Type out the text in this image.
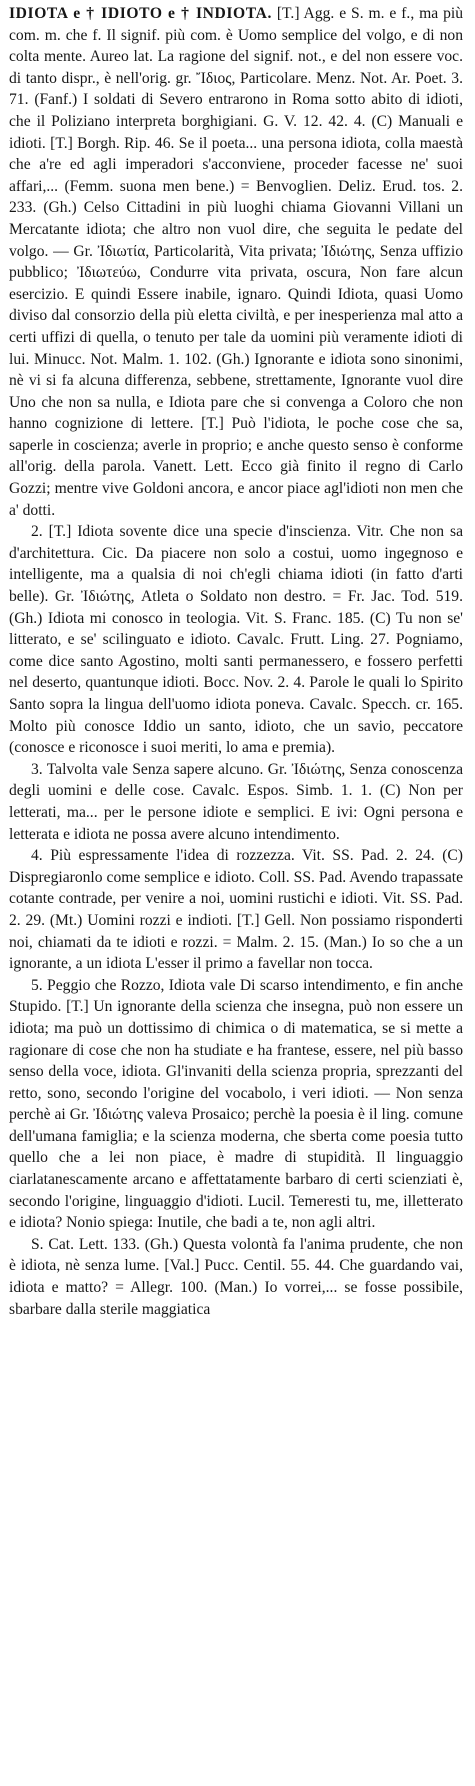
IDIOTA e † IDIOTO e † INDIOTA. [T.] Agg. e S. m. e f., ma più com. m. che f. Il signif. più com. è Uomo semplice del volgo, e di non colta mente. Aureo lat. La ragione del signif. not., e del non essere voc. di tanto dispr., è nell'orig. gr. Ἴδιος, Particolare. Menz. Not. Ar. Poet. 3. 71. (Fanf.) I soldati di Severo entrarono in Roma sotto abito di idioti, che il Poliziano interpreta borghigiani. G. V. 12. 42. 4. (C) Manuali e idioti. [T.] Borgh. Rip. 46. Se il poeta... una persona idiota, colla maestà che a're ed agli imperadori s'acconviene, proceder facesse ne' suoi affari,... (Femm. suona men bene.) = Benvoglien. Deliz. Erud. tos. 2. 233. (Gh.) Celso Cittadini in più luoghi chiama Giovanni Villani un Mercatante idiota; che altro non vuol dire, che seguita le pedate del volgo. — Gr. Ἰδιωτία, Particolarità, Vita privata; Ἰδιώτης, Senza uffizio pubblico; Ἰδιωτεύω, Condurre vita privata, oscura, Non fare alcun esercizio. E quindi Essere inabile, ignaro. Quindi Idiota, quasi Uomo diviso dal consorzio della più eletta civiltà, e per inesperienza mal atto a certi uffizi di quella, o tenuto per tale da uomini più veramente idioti di lui. Minucc. Not. Malm. 1. 102. (Gh.) Ignorante e idiota sono sinonimi, nè vi si fa alcuna differenza, sebbene, strettamente, Ignorante vuol dire Uno che non sa nulla, e Idiota pare che si convenga a Coloro che non hanno cognizione di lettere. [T.] Può l'idiota, le poche cose che sa, saperle in coscienza; averle in proprio; e anche questo senso è conforme all'orig. della parola. Vanett. Lett. Ecco già finito il regno di Carlo Gozzi; mentre vive Goldoni ancora, e ancor piace agl'idioti non men che a' dotti.

2. [T.] Idiota sovente dice una specie d'inscienza. Vitr. Che non sa d'architettura. Cic. Da piacere non solo a costui, uomo ingegnoso e intelligente, ma a qualsia di noi ch'egli chiama idioti (in fatto d'arti belle). Gr. Ἰδιώτης, Atleta o Soldato non destro. = Fr. Jac. Tod. 519. (Gh.) Idiota mi conosco in teologia. Vit. S. Franc. 185. (C) Tu non se' litterato, e se' scilinguato e idioto. Cavalc. Frutt. Ling. 27. Pogniamo, come dice santo Agostino, molti santi permanessero, e fossero perfetti nel deserto, quantunque idioti. Bocc. Nov. 2. 4. Parole le quali lo Spirito Santo sopra la lingua dell'uomo idiota poneva. Cavalc. Specch. cr. 165. Molto più conosce Iddio un santo, idioto, che un savio, peccatore (conosce e riconosce i suoi meriti, lo ama e premia).

3. Talvolta vale Senza sapere alcuno. Gr. Ἰδιώτης, Senza conoscenza degli uomini e delle cose. Cavalc. Espos. Simb. 1. 1. (C) Non per letterati, ma... per le persone idiote e semplici. E ivi: Ogni persona e letterata e idiota ne possa avere alcuno intendimento.

4. Più espressamente l'idea di rozzezza. Vit. SS. Pad. 2. 24. (C) Dispregiaronlo come semplice e idioto. Coll. SS. Pad. Avendo trapassate cotante contrade, per venire a noi, uomini rustichi e idioti. Vit. SS. Pad. 2. 29. (Mt.) Uomini rozzi e indioti. [T.] Gell. Non possiamo risponderti noi, chiamati da te idioti e rozzi. = Malm. 2. 15. (Man.) Io so che a un ignorante, a un idiota L'esser il primo a favellar non tocca.

5. Peggio che Rozzo, Idiota vale Di scarso intendimento, e fin anche Stupido. [T.] Un ignorante della scienza che insegna, può non essere un idiota; ma può un dottissimo di chimica o di matematica, se si mette a ragionare di cose che non ha studiate e ha frantese, essere, nel più basso senso della voce, idiota. Gl'invaniti della scienza propria, sprezzanti del retto, sono, secondo l'origine del vocabolo, i veri idioti. — Non senza perchè ai Gr. Ἰδιώτης valeva Prosaico; perchè la poesia è il ling. comune dell'umana famiglia; e la scienza moderna, che sberta come poesia tutto quello che a lei non piace, è madre di stupidità. Il linguaggio ciarlatanescamente arcano e affettatamente barbaro di certi scienziati è, secondo l'origine, linguaggio d'idioti. Lucil. Temeresti tu, me, illetterato e idiota? Nonio spiega: Inutile, che badi a te, non agli altri.

S. Cat. Lett. 133. (Gh.) Questa volontà fa l'anima prudente, che non è idiota, nè senza lume. [Val.] Pucc. Centil. 55. 44. Che guardando vai, idiota e matto? = Allegr. 100. (Man.) Io vorrei,... se fosse possibile, sbarbare dalla sterile maggiatica
